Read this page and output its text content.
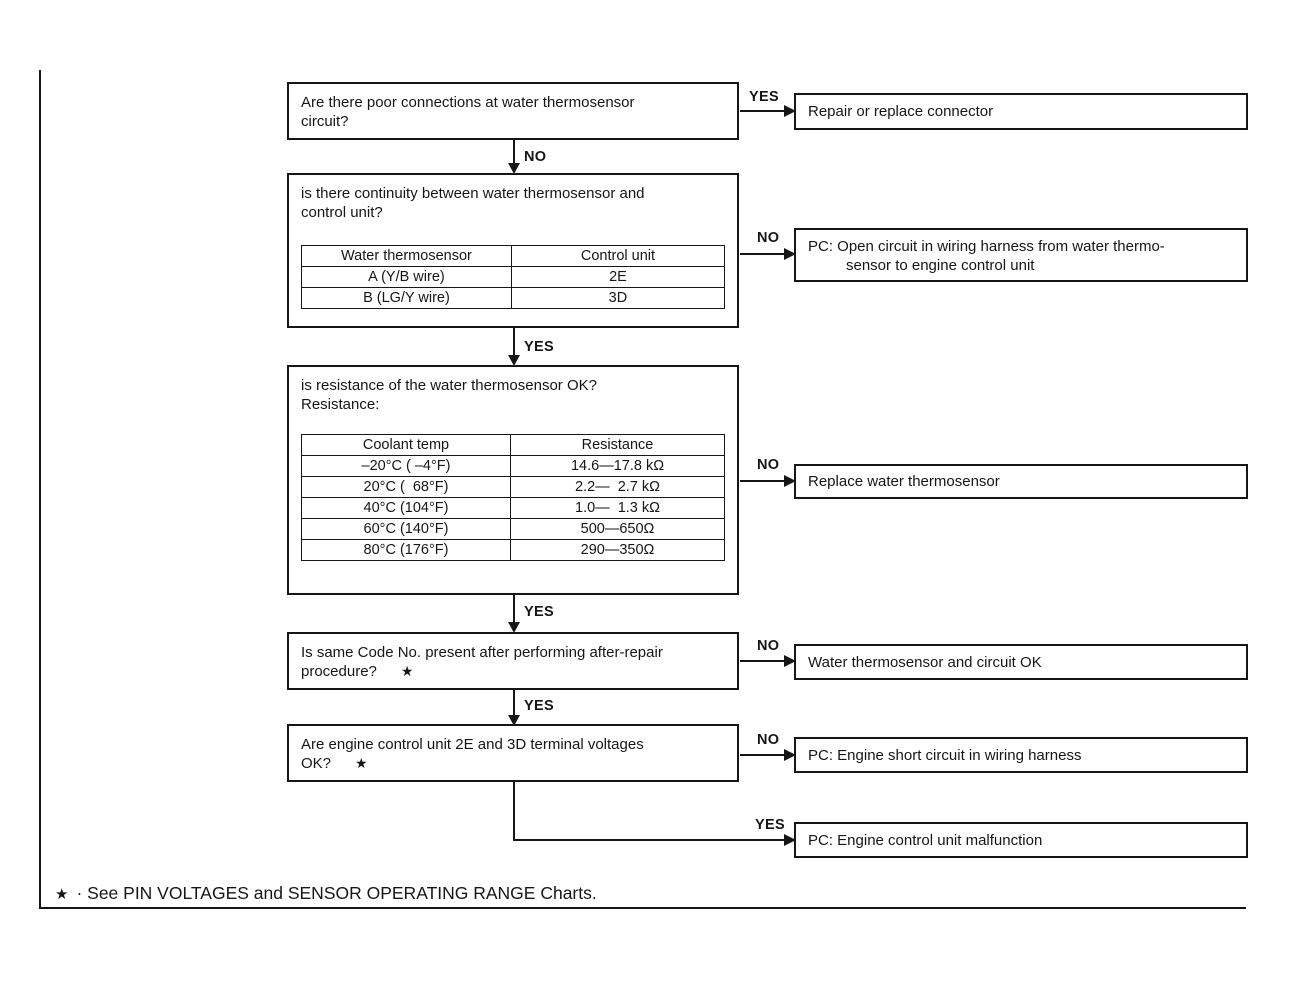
YES
NO
NO
YES
NO
YES
NO
YES
NO
YES
Are there poor connections at water thermosensor
circuit?
Repair or replace connector
is there continuity between water thermosensor and
control unit?
Water thermosensor	Control unit
A (Y/B wire)	2E
B (LG/Y wire)	3D
PC: Open circuit in wiring harness from water thermo-
sensor to engine control unit
is resistance of the water thermosensor OK?
Resistance:
Coolant temp	Resistance
–20°C ( –4°F)	14.6—17.8 kΩ
20°C (  68°F)	2.2—  2.7 kΩ
40°C (104°F)	1.0—  1.3 kΩ
60°C (140°F)	500—650Ω
80°C (176°F)	290—350Ω
Replace water thermosensor
Is same Code No. present after performing after-repair
procedure? ★
Water thermosensor and circuit OK
Are engine control unit 2E and 3D terminal voltages
OK? ★	PC: Engine short circuit in wiring harness
PC: Engine control unit malfunction
★ · See PIN VOLTAGES and SENSOR OPERATING RANGE Charts.
